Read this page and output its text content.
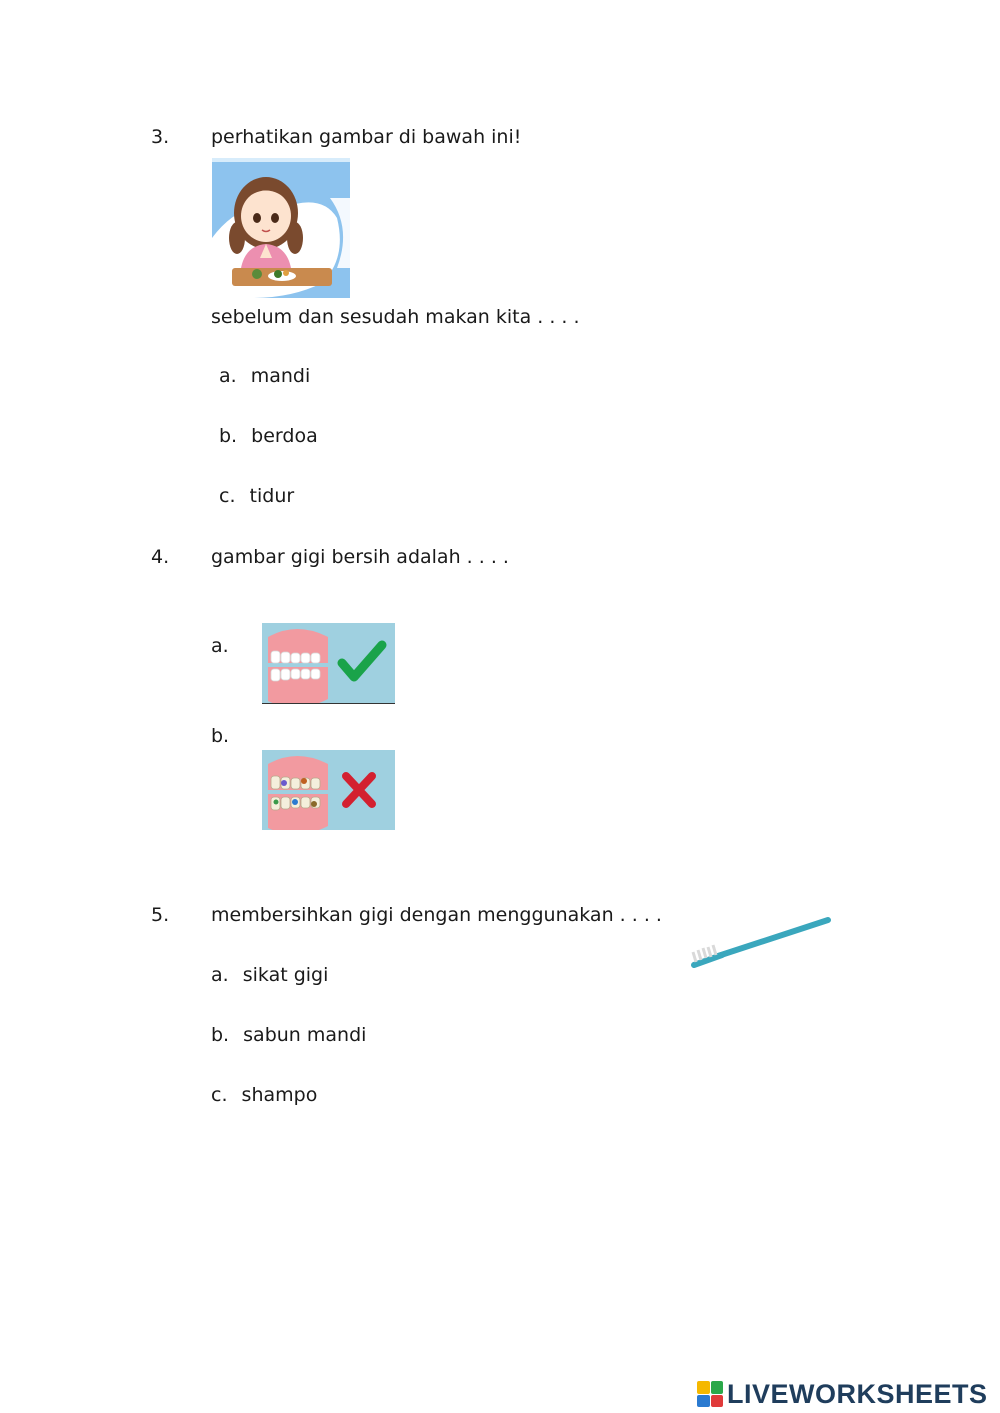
3. perhatikan gambar di bawah ini!
sebelum dan sesudah makan kita . . . .
a. mandi
b. berdoa
c. tidur
4. gambar gigi bersih adalah . . . .
a.
b.
5. membersihkan gigi dengan menggunakan . . . .
a. sikat gigi
b. sabun mandi
c. shampo
LIVEWORKSHEETS
